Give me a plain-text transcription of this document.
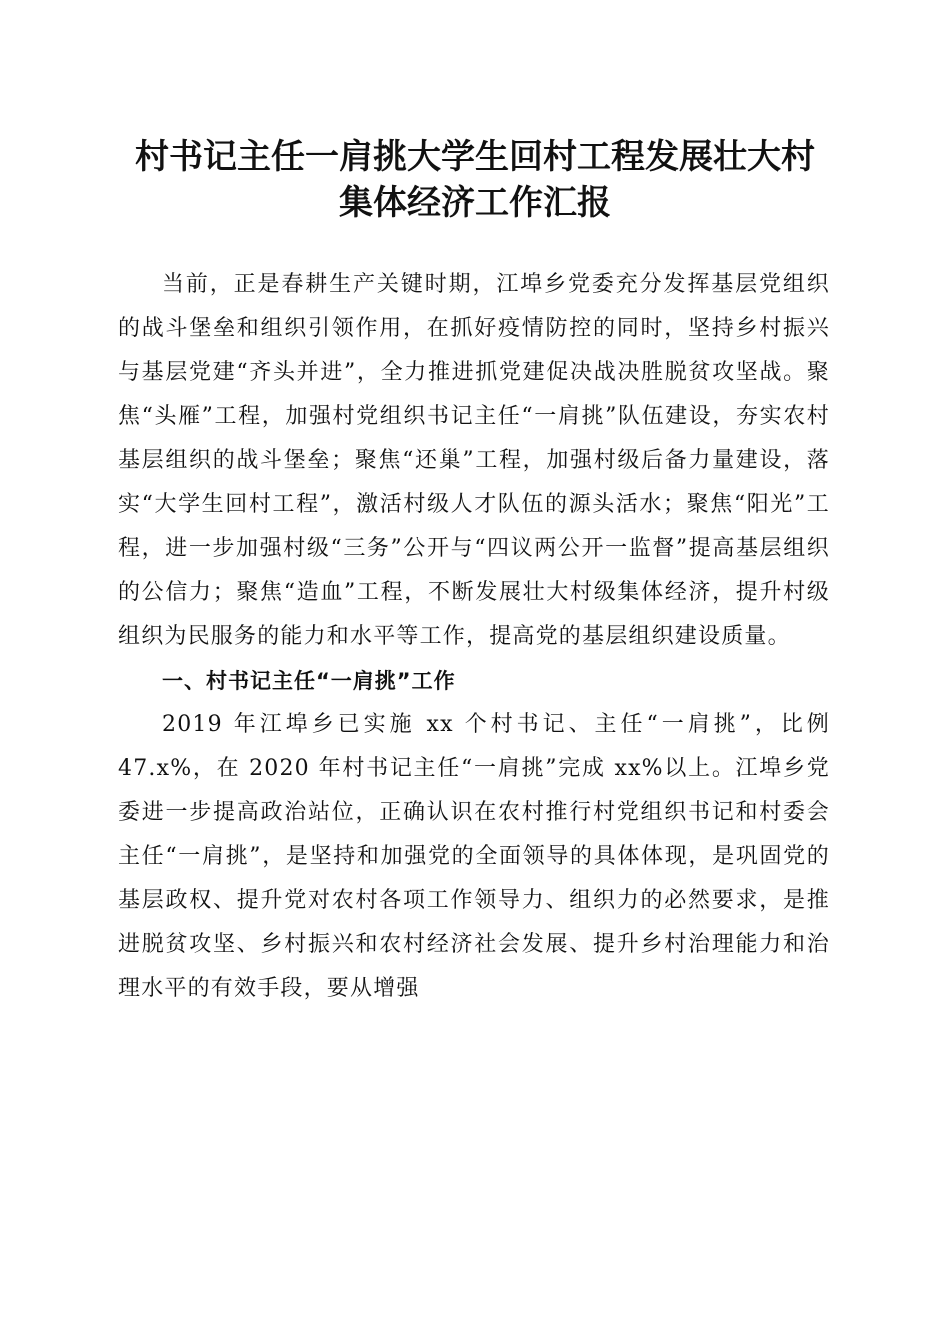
村书记主任一肩挑大学生回村工程发展壮大村
集体经济工作汇报

当前，正是春耕生产关键时期，江埠乡党委充分发挥基层党组织的战斗堡垒和组织引领作用，在抓好疫情防控的同时，坚持乡村振兴与基层党建“齐头并进”，全力推进抓党建促决战决胜脱贫攻坚战。聚焦“头雁”工程，加强村党组织书记主任“一肩挑”队伍建设，夯实农村基层组织的战斗堡垒；聚焦“还巢”工程，加强村级后备力量建设，落实“大学生回村工程”，激活村级人才队伍的源头活水；聚焦“阳光”工程，进一步加强村级“三务”公开与“四议两公开一监督”提高基层组织的公信力；聚焦“造血”工程，不断发展壮大村级集体经济，提升村级组织为民服务的能力和水平等工作，提高党的基层组织建设质量。

一、村书记主任“一肩挑”工作

2019 年江埠乡已实施 xx 个村书记、主任“一肩挑”，比例 47.x%，在 2020 年村书记主任“一肩挑”完成 xx%以上。江埠乡党委进一步提高政治站位，正确认识在农村推行村党组织书记和村委会主任“一肩挑”，是坚持和加强党的全面领导的具体体现，是巩固党的基层政权、提升党对农村各项工作领导力、组织力的必然要求，是推进脱贫攻坚、乡村振兴和农村经济社会发展、提升乡村治理能力和治理水平的有效手段，要从增强
